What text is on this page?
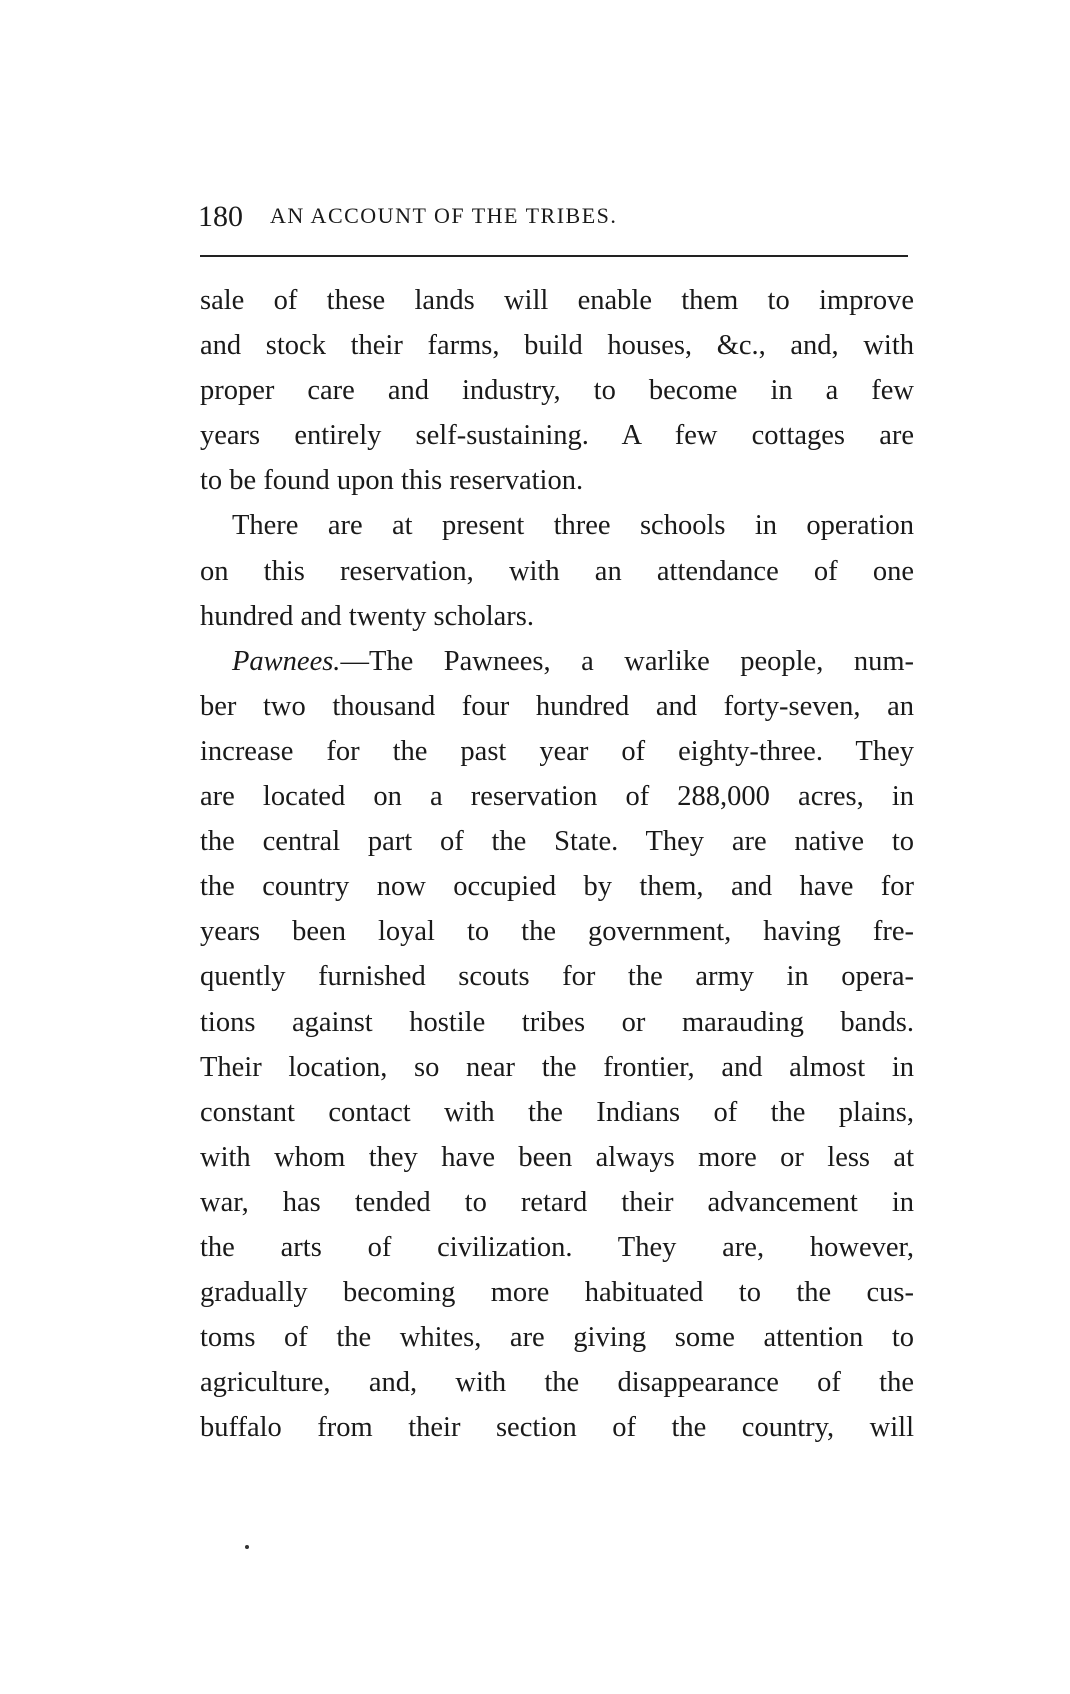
180 AN ACCOUNT OF THE TRIBES.
sale of these lands will enable them to improve
and stock their farms, build houses, &c., and, with
proper care and industry, to become in a few
years entirely self-sustaining. A few cottages are
to be found upon this reservation.
There are at present three schools in operation
on this reservation, with an attendance of one
hundred and twenty scholars.
Pawnees.—The Pawnees, a warlike people, num-
ber two thousand four hundred and forty-seven, an
increase for the past year of eighty-three. They
are located on a reservation of 288,000 acres, in
the central part of the State. They are native to
the country now occupied by them, and have for
years been loyal to the government, having fre-
quently furnished scouts for the army in opera-
tions against hostile tribes or marauding bands.
Their location, so near the frontier, and almost in
constant contact with the Indians of the plains,
with whom they have been always more or less at
war, has tended to retard their advancement in
the arts of civilization. They are, however,
gradually becoming more habituated to the cus-
toms of the whites, are giving some attention to
agriculture, and, with the disappearance of the
buffalo from their section of the country, will
